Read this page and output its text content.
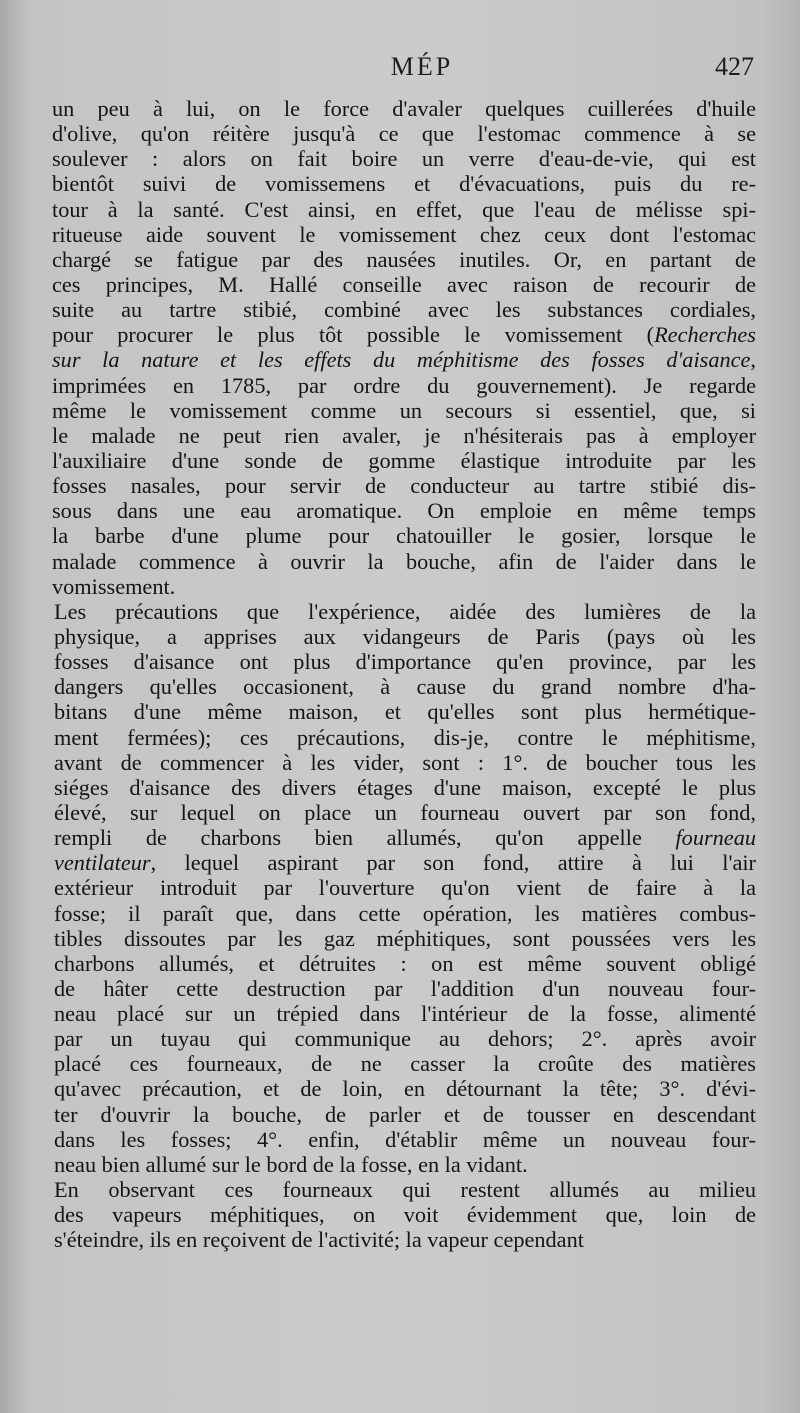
MÉP	427
un peu à lui, on le force d'avaler quelques cuillerées d'huile
d'olive, qu'on réitère jusqu'à ce que l'estomac commence à se
soulever : alors on fait boire un verre d'eau-de-vie, qui est
bientôt suivi de vomissemens et d'évacuations, puis du re-
tour à la santé. C'est ainsi, en effet, que l'eau de mélisse spi-
ritueuse aide souvent le vomissement chez ceux dont l'estomac
chargé se fatigue par des nausées inutiles. Or, en partant de
ces principes, M. Hallé conseille avec raison de recourir de
suite au tartre stibié, combiné avec les substances cordiales,
pour procurer le plus tôt possible le vomissement (Recherches
sur la nature et les effets du méphitisme des fosses d'aisance,
imprimées en 1785, par ordre du gouvernement). Je regarde
même le vomissement comme un secours si essentiel, que, si
le malade ne peut rien avaler, je n'hésiterais pas à employer
l'auxiliaire d'une sonde de gomme élastique introduite par les
fosses nasales, pour servir de conducteur au tartre stibié dis-
sous dans une eau aromatique. On emploie en même temps
la barbe d'une plume pour chatouiller le gosier, lorsque le
malade commence à ouvrir la bouche, afin de l'aider dans le
vomissement.
Les précautions que l'expérience, aidée des lumières de la
physique, a apprises aux vidangeurs de Paris (pays où les
fosses d'aisance ont plus d'importance qu'en province, par les
dangers qu'elles occasionent, à cause du grand nombre d'ha-
bitans d'une même maison, et qu'elles sont plus hermétique-
ment fermées); ces précautions, dis-je, contre le méphitisme,
avant de commencer à les vider, sont : 1°. de boucher tous les
siéges d'aisance des divers étages d'une maison, excepté le plus
élevé, sur lequel on place un fourneau ouvert par son fond,
rempli de charbons bien allumés, qu'on appelle fourneau
ventilateur, lequel aspirant par son fond, attire à lui l'air
extérieur introduit par l'ouverture qu'on vient de faire à la
fosse; il paraît que, dans cette opération, les matières combus-
tibles dissoutes par les gaz méphitiques, sont poussées vers les
charbons allumés, et détruites : on est même souvent obligé
de hâter cette destruction par l'addition d'un nouveau four-
neau placé sur un trépied dans l'intérieur de la fosse, alimenté
par un tuyau qui communique au dehors; 2°. après avoir
placé ces fourneaux, de ne casser la croûte des matières
qu'avec précaution, et de loin, en détournant la tête; 3°. d'évi-
ter d'ouvrir la bouche, de parler et de tousser en descendant
dans les fosses; 4°. enfin, d'établir même un nouveau four-
neau bien allumé sur le bord de la fosse, en la vidant.
En observant ces fourneaux qui restent allumés au milieu
des vapeurs méphitiques, on voit évidemment que, loin de
s'éteindre, ils en reçoivent de l'activité; la vapeur cependant
